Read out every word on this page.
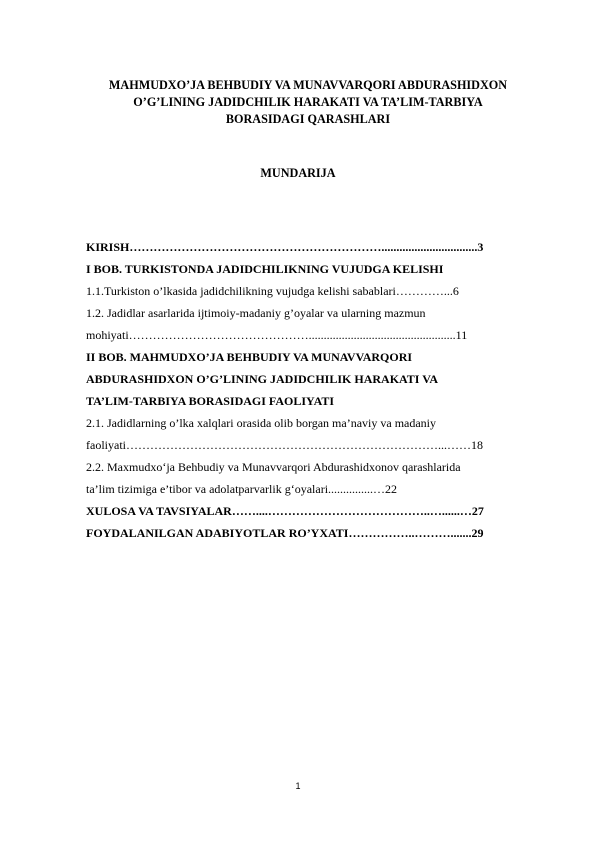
MAHMUDXO’JA BEHBUDIY VA MUNAVVARQORI ABDURASHIDXON
O’G’LINING JADIDCHILIK HARAKATI VA TA’LIM-TARBIYA
BORASIDAGI QARASHLARI
MUNDARIJA
KIRISH………………………………………………………................................3
I BOB. TURKISTONDA JADIDCHILIKNING VUJUDGA KELISHI
1.1.Turkiston o’lkasida jadidchilikning vujudga kelishi sabablari…………...6
1.2. Jadidlar asarlarida ijtimoiy-madaniy g’oyalar va ularning mazmun
mohiyati……………………………………….................................................11
II BOB. MAHMUDXO’JA BEHBUDIY VA MUNAVVARQORI
ABDURASHIDXON O’G’LINING JADIDCHILIK HARAKATI VA
TA’LIM-TARBIYA BORASIDAGI FAOLIYATI
2.1. Jadidlarning o’lka xalqlari orasida olib borgan ma’naviy va madaniy
faoliyati……………………………………………………………………...……18
2.2. Maxmudxo‘ja Behbudiy va Munavvarqori Abdurashidxonov qarashlarida
ta’lim tizimiga e’tibor va adolatparvarlik g‘oyalari...............…22
XULOSA VA TAVSIYALAR……....…………………………………..…......…27
FOYDALANILGAN ADABIYOTLAR RO’YXATI……………..……….......29
1
